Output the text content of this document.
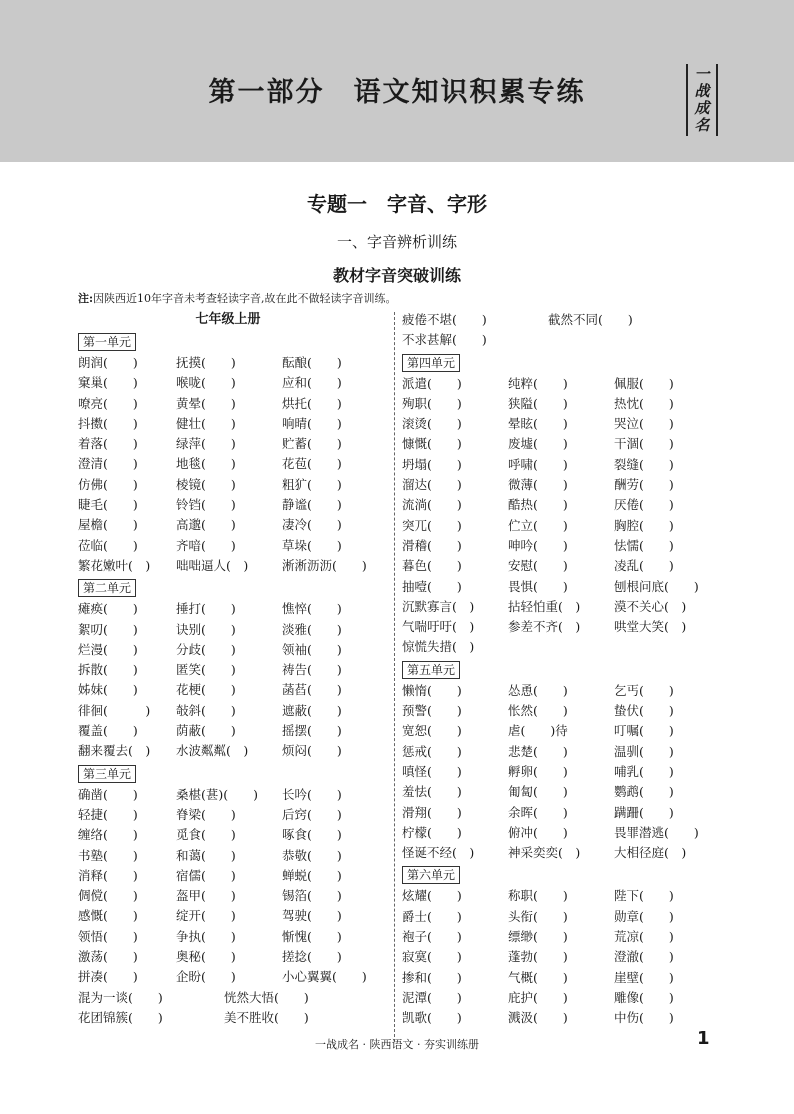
第一部分　语文知识积累专练
一
战
成
名
专题一　字音、字形
一、字音辨析训练
教材字音突破训练
注:因陕西近10年字音未考查轻读字音,故在此不做轻读字音训练。
七年级上册
第一单元
朗润(　　)	抚摸(　　)	酝酿(　　)
窠巢(　　)	喉咙(　　)	应和(　　)
嘹亮(　　)	黄晕(　　)	烘托(　　)
抖擞(　　)	健壮(　　)	响晴(　　)
着落(　　)	绿萍(　　)	贮蓄(　　)
澄清(　　)	地毯(　　)	花苞(　　)
仿佛(　　)	棱镜(　　)	粗犷(　　)
睫毛(　　)	铃铛(　　)	静谧(　　)
屋檐(　　)	高邈(　　)	凄冷(　　)
莅临(　　)	齐喑(　　)	草垛(　　)
繁花嫩叶(　) 咄咄逼人(　)	淅淅沥沥(　　)
第二单元
瘫痪(　　)	捶打(　　)	憔悴(　　)
絮叨(　　)	诀别(　　)	淡雅(　　)
烂漫(　　)	分歧(　　)	领袖(　　)
拆散(　　)	匿笑(　　)	祷告(　　)
姊妹(　　)	花梗(　　)	菡萏(　　)
徘徊(　　　) 敧斜(　　)	遮蔽(　　)
覆盖(　　)	荫蔽(　　)	摇摆(　　)
翻来覆去(　) 水波粼粼(　)	烦闷(　　)
第三单元
确凿(　　)	桑椹(葚)(　　) 长吟(　　)
轻捷(　　)	脊梁(　　)	后窍(　　)
缠络(　　)	觅食(　　)	啄食(　　)
书塾(　　)	和蔼(　　)	恭敬(　　)
消释(　　)	宿儒(　　)	蝉蜕(　　)
倜傥(　　)	盔甲(　　)	锡箔(　　)
感慨(　　)	绽开(　　)	驾驶(　　)
领悟(　　)	争执(　　)	惭愧(　　)
激荡(　　)	奥秘(　　)	搓捻(　　)
拼凑(　　)	企盼(　　)	小心翼翼(　　)
混为一谈(　　)	恍然大悟(　　)
花团锦簇(　　)	美不胜收(　　)
疲倦不堪(　　)	截然不同(　　)
不求甚解(　　)
第四单元
派遣(　　)	纯粹(　　)	佩服(　　)
殉职(　　)	狭隘(　　)	热忱(　　)
滚烫(　　)	晕眩(　　)	哭泣(　　)
慷慨(　　)	废墟(　　)	干涸(　　)
坍塌(　　)	呼啸(　　)	裂缝(　　)
溜达(　　)	微薄(　　)	酬劳(　　)
流淌(　　)	酷热(　　)	厌倦(　　)
突兀(　　)	伫立(　　)	胸腔(　　)
滑稽(　　)	呻吟(　　)	怯懦(　　)
暮色(　　)	安慰(　　)	凌乱(　　)
抽噎(　　)	畏惧(　　)	刨根问底(　　)
沉默寡言(　)	拈轻怕重(　)	漠不关心(　)
气喘吁吁(　)	参差不齐(　)	哄堂大笑(　)
惊慌失措(　)
第五单元
懒惰(　　)	怂恿(　　)	乞丐(　　)
预警(　　)	怅然(　　)	蛰伏(　　)
宽恕(　　)	虐(　　)待	叮嘱(　　)
惩戒(　　)	悲楚(　　)	温驯(　　)
嗔怪(　　)	孵卵(　　)	哺乳(　　)
羞怯(　　)	匍匐(　　)	鹦鹉(　　)
滑翔(　　)	余晖(　　)	蹒跚(　　)
柠檬(　　)	俯冲(　　)	畏罪潜逃(　　)
怪诞不经(　)	神采奕奕(　)	大相径庭(　)
第六单元
炫耀(　　)	称职(　　)	陛下(　　)
爵士(　　)	头衔(　　)	勋章(　　)
袍子(　　)	缥缈(　　)	荒凉(　　)
寂寞(　　)	蓬勃(　　)	澄澈(　　)
掺和(　　)	气概(　　)	崖壁(　　)
泥潭(　　)	庇护(　　)	雕像(　　)
凯歌(　　)	溅汲(　　)	中伤(　　)
一战成名 · 陕西语文 · 夯实训练册	1
